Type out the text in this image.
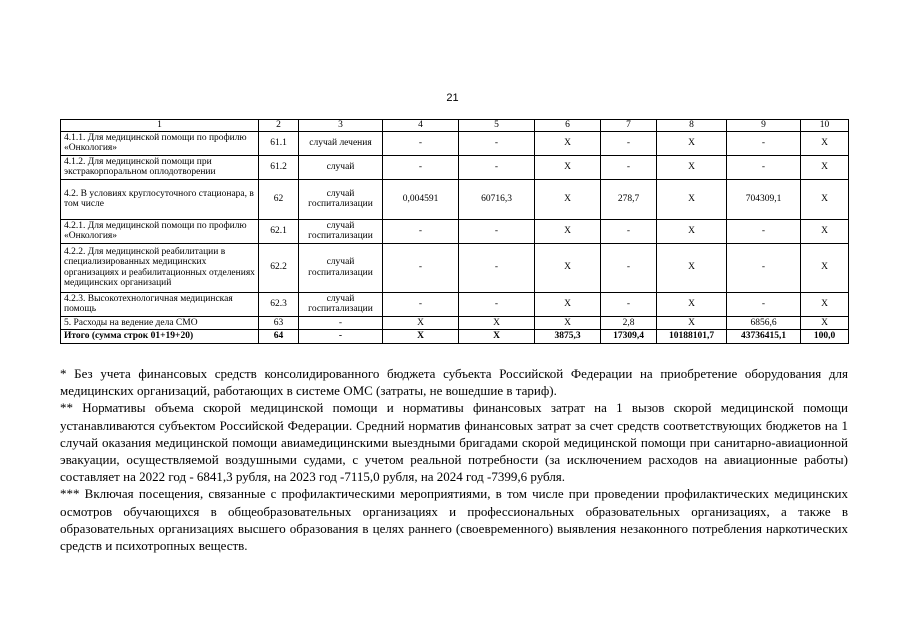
21
1	2	3	4	5	6	7	8	9	10
4.1.1. Для медицинской помощи по профилю «Онкология»	61.1	случай лечения	-	-	Х	-	Х	-	Х
4.1.2. Для медицинской помощи при экстракорпоральном оплодотворении	61.2	случай	-	-	Х	-	Х	-	Х
4.2. В условиях круглосуточного стационара, в том числе	62	случай госпитализации	0,004591	60716,3	Х	278,7	Х	704309,1	Х
4.2.1. Для медицинской помощи по профилю «Онкология»	62.1	случай госпитализации	-	-	Х	-	Х	-	Х
4.2.2. Для медицинской реабилитации в специализированных медицинских организациях и реабилитационных отделениях медицинских организаций	62.2	случай госпитализации	-	-	Х	-	Х	-	Х
4.2.3. Высокотехнологичная медицинская помощь	62.3	случай госпитализации	-	-	Х	-	Х	-	Х
5. Расходы на ведение дела СМО	63	-	Х	Х	Х	2,8	Х	6856,6	Х
Итого (сумма строк 01+19+20)	64	-	Х	Х	3875,3	17309,4	10188101,7	43736415,1	100,0

* Без учета финансовых средств консолидированного бюджета субъекта Российской Федерации на приобретение оборудования для медицинских организаций, работающих в системе ОМС (затраты, не вошедшие в тариф).

** Нормативы объема скорой медицинской помощи и нормативы финансовых затрат на 1 вызов скорой медицинской помощи устанавливаются субъектом Российской Федерации. Средний норматив финансовых затрат за счет средств соответствующих бюджетов на 1 случай оказания медицинской помощи авиамедицинскими выездными бригадами скорой медицинской помощи при санитарно-авиационной эвакуации, осуществляемой воздушными судами, с учетом реальной потребности (за исключением расходов на авиационные работы) составляет на 2022 год - 6841,3 рубля, на 2023 год -7115,0 рубля, на 2024 год -7399,6 рубля.

*** Включая посещения, связанные с профилактическими мероприятиями, в том числе при проведении профилактических медицинских осмотров обучающихся в общеобразовательных организациях и профессиональных образовательных организациях, а также в образовательных организациях высшего образования в целях раннего (своевременного) выявления незаконного потребления наркотических средств и психотропных веществ.
